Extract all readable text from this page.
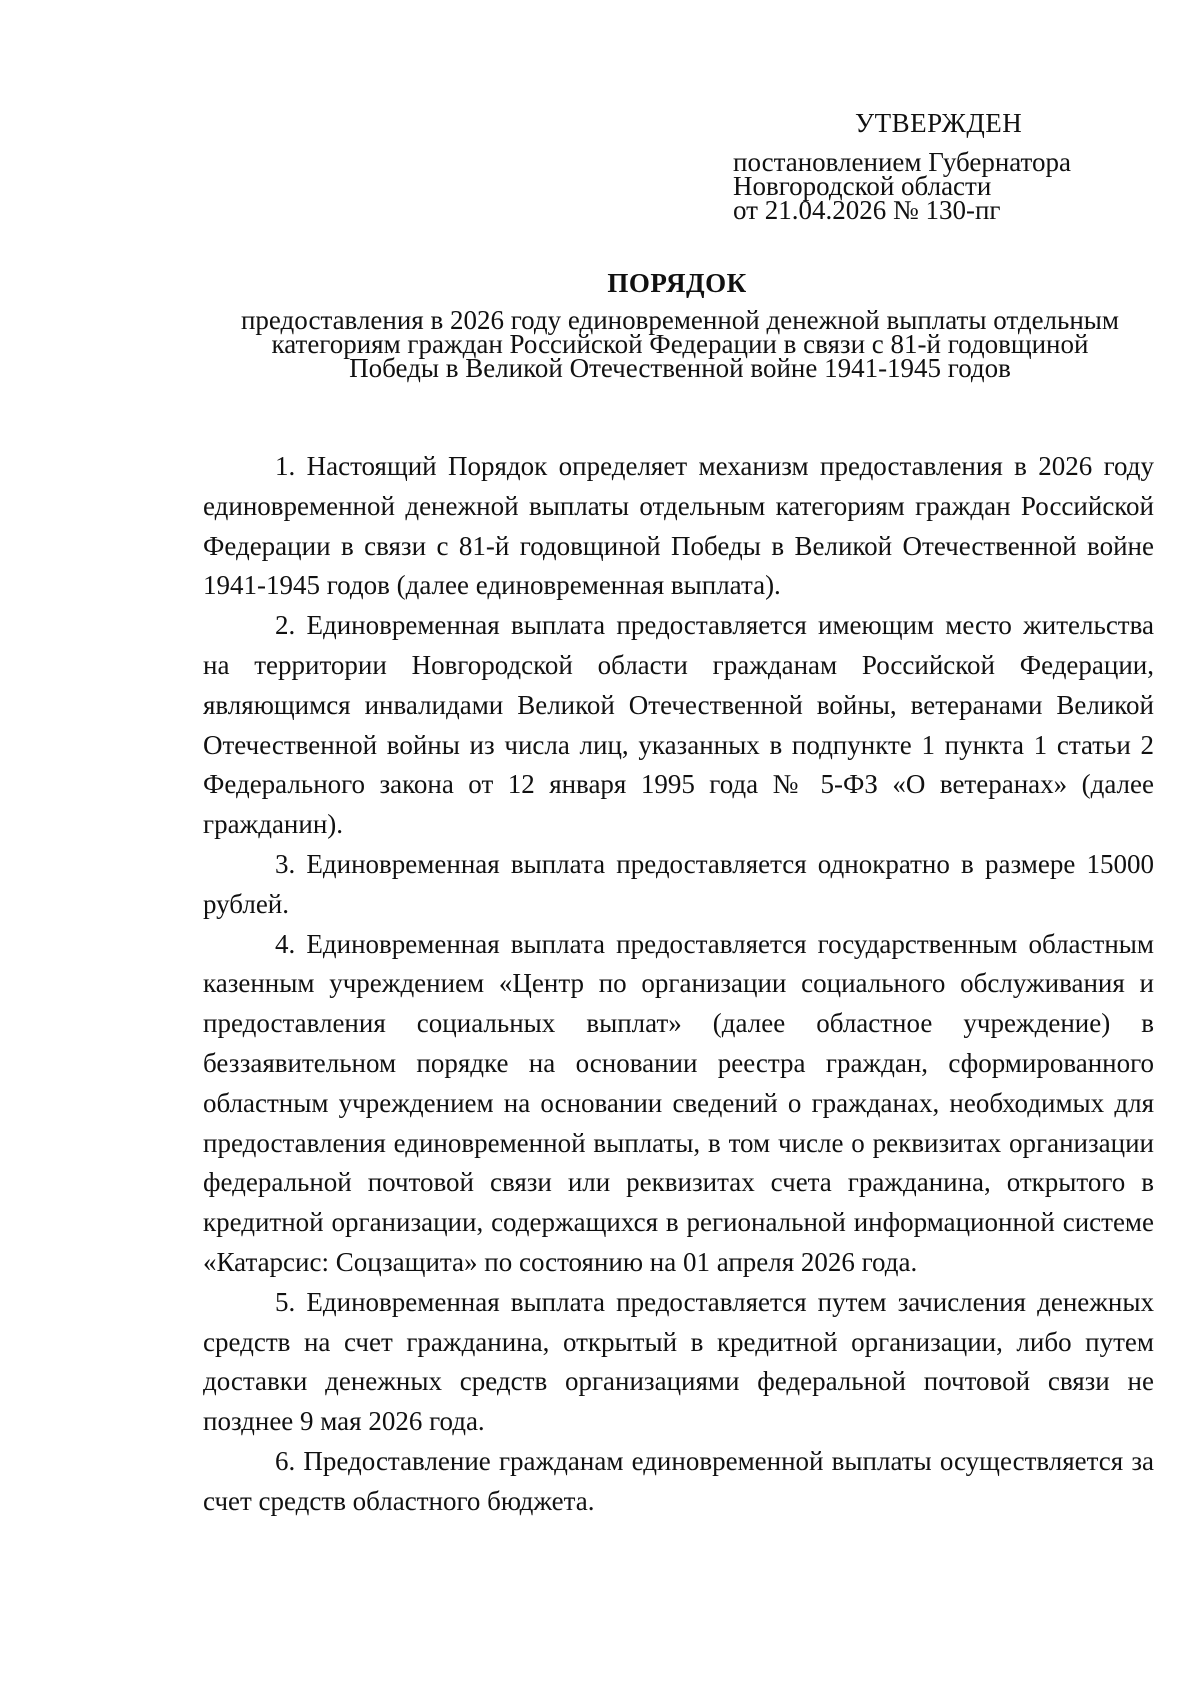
УТВЕРЖДЕН
постановлением Губернатора
Новгородской области
от 21.04.2026 № 130-пг
ПОРЯДОК
предоставления в 2026 году единовременной денежной выплаты отдельным
категориям граждан Российской Федерации в связи с 81-й годовщиной
Победы в Великой Отечественной войне 1941-1945 годов

1. Настоящий Порядок определяет механизм предоставления в 2026 году единовременной денежной выплаты отдельным категориям граждан Российской Федерации в связи с 81-й годовщиной Победы в Великой Отечественной войне 1941-1945 годов (далее единовременная выплата).

2. Единовременная выплата предоставляется имеющим место жительства на территории Новгородской области гражданам Российской Федерации, являющимся инвалидами Великой Отечественной войны, ветеранами Великой Отечественной войны из числа лиц, указанных в подпункте 1 пункта 1 статьи 2 Федерального закона от 12 января 1995 года № 5-ФЗ «О ветеранах» (далее гражданин).

3. Единовременная выплата предоставляется однократно в размере 15000 рублей.

4. Единовременная выплата предоставляется государственным областным казенным учреждением «Центр по организации социального обслуживания и предоставления социальных выплат» (далее областное учреждение) в беззаявительном порядке на основании реестра граждан, сформированного областным учреждением на основании сведений о гражданах, необходимых для предоставления единовременной выплаты, в том числе о реквизитах организации федеральной почтовой связи или реквизитах счета гражданина, открытого в кредитной организации, содержащихся в региональной информационной системе «Катарсис: Соцзащита» по состоянию на 01 апреля 2026 года.

5. Единовременная выплата предоставляется путем зачисления денежных средств на счет гражданина, открытый в кредитной организации, либо путем доставки денежных средств организациями федеральной почтовой связи не позднее 9 мая 2026 года.

6. Предоставление гражданам единовременной выплаты осуществляется за счет средств областного бюджета.
